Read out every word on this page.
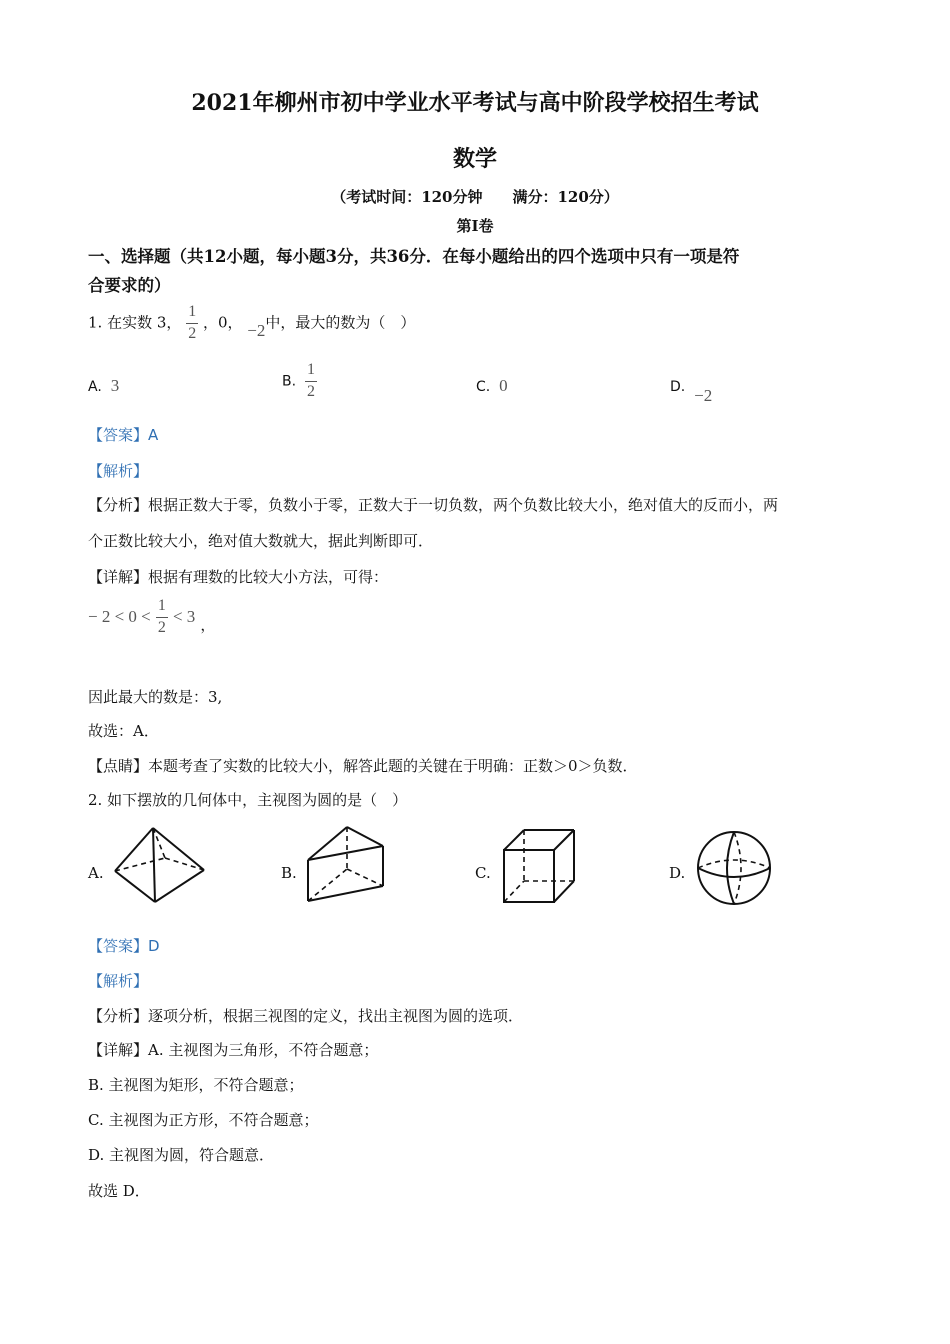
2021年柳州市初中学业水平考试与高中阶段学校招生考试
数学
（考试时间：120分钟　　满分：120分）
第Ⅰ卷
一、选择题（共12小题，每小题3分，共36分．在每小题给出的四个选项中只有一项是符
合要求的）
1. 在实数 3， $\frac{1}{2}$ ，0， −2中，最大的数为（　）
A. 3	B. $\frac{1}{2}$	C. 0	D. −2
【答案】A
【解析】
【分析】根据正数大于零，负数小于零，正数大于一切负数，两个负数比较大小，绝对值大的反而小，两
个正数比较大小，绝对值大数就大，据此判断即可．
【详解】根据有理数的比较大小方法，可得：
− $2 < 0 < \frac{1}{2} < 3$ ，
因此最大的数是：3,
故选：A．
【点睛】本题考查了实数的比较大小，解答此题的关键在于明确：正数＞0＞负数．
2. 如下摆放的几何体中，主视图为圆的是（　）
A.	B.	C.	D.
【答案】D
【解析】
【分析】逐项分析，根据三视图的定义，找出主视图为圆的选项．
【详解】A. 主视图为三角形，不符合题意；
B. 主视图为矩形，不符合题意；
C. 主视图为正方形，不符合题意；
D. 主视图为圆，符合题意．
故选 D．
